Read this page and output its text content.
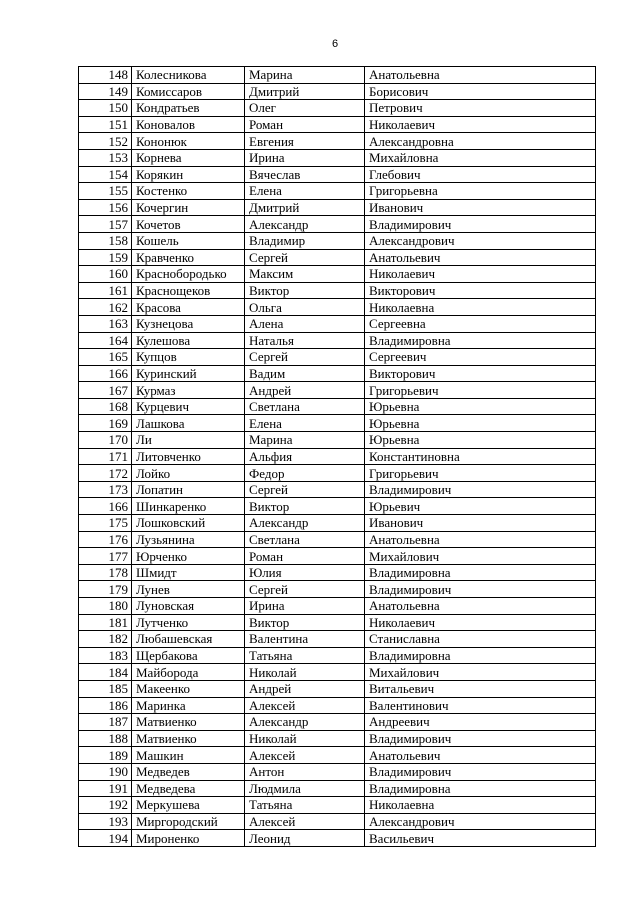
6
148	Колесникова	Марина	Анатольевна
149	Комиссаров	Дмитрий	Борисович
150	Кондратьев	Олег	Петрович
151	Коновалов	Роман	Николаевич
152	Кононюк	Евгения	Александровна
153	Корнева	Ирина	Михайловна
154	Корякин	Вячеслав	Глебович
155	Костенко	Елена	Григорьевна
156	Кочергин	Дмитрий	Иванович
157	Кочетов	Александр	Владимирович
158	Кошель	Владимир	Александрович
159	Кравченко	Сергей	Анатольевич
160	Краснобородько	Максим	Николаевич
161	Краснощеков	Виктор	Викторович
162	Красова	Ольга	Николаевна
163	Кузнецова	Алена	Сергеевна
164	Кулешова	Наталья	Владимировна
165	Купцов	Сергей	Сергеевич
166	Куринский	Вадим	Викторович
167	Курмаз	Андрей	Григорьевич
168	Курцевич	Светлана	Юрьевна
169	Лашкова	Елена	Юрьевна
170	Ли	Марина	Юрьевна
171	Литовченко	Альфия	Константиновна
172	Лойко	Федор	Григорьевич
173	Лопатин	Сергей	Владимирович
166	Шинкаренко	Виктор	Юрьевич
175	Лошковский	Александр	Иванович
176	Лузьянина	Светлана	Анатольевна
177	Юрченко	Роман	Михайлович
178	Шмидт	Юлия	Владимировна
179	Лунев	Сергей	Владимирович
180	Луновская	Ирина	Анатольевна
181	Лутченко	Виктор	Николаевич
182	Любашевская	Валентина	Станиславна
183	Щербакова	Татьяна	Владимировна
184	Майборода	Николай	Михайлович
185	Макеенко	Андрей	Витальевич
186	Маринка	Алексей	Валентинович
187	Матвиенко	Александр	Андреевич
188	Матвиенко	Николай	Владимирович
189	Машкин	Алексей	Анатольевич
190	Медведев	Антон	Владимирович
191	Медведева	Людмила	Владимировна
192	Меркушева	Татьяна	Николаевна
193	Миргородский	Алексей	Александрович
194	Мироненко	Леонид	Васильевич
